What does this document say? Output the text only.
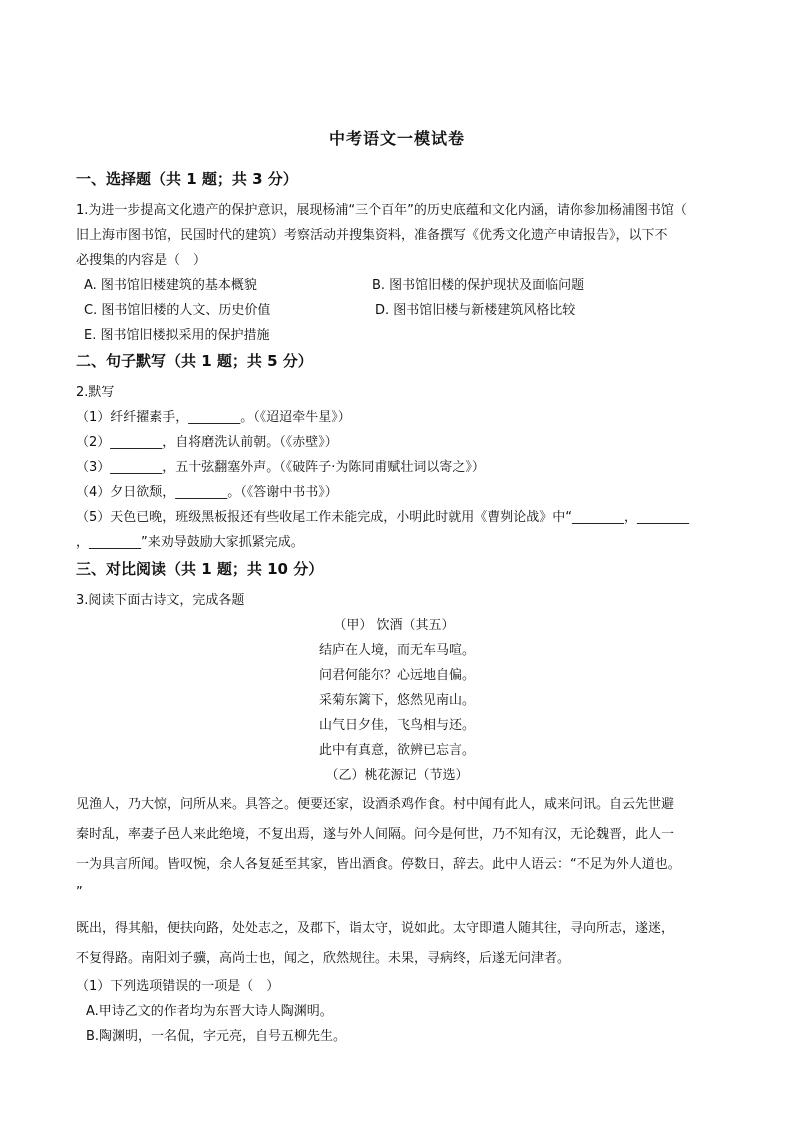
中考语文一模试卷
一、选择题（共 1 题；共 3 分）
1.为进一步提高文化遗产的保护意识，展现杨浦“三个百年”的历史底蕴和文化内涵，请你参加杨浦图书馆（
旧上海市图书馆，民国时代的建筑）考察活动并搜集资料，准备撰写《优秀文化遗产申请报告》，以下不
必搜集的内容是（　）
A. 图书馆旧楼建筑的基本概貌	B. 图书馆旧楼的保护现状及面临问题
C. 图书馆旧楼的人文、历史价值	D. 图书馆旧楼与新楼建筑风格比较
E. 图书馆旧楼拟采用的保护措施
二、句子默写（共 1 题；共 5 分）
2.默写
（1）纤纤擢素手，________。（《迢迢牵牛星》）
（2）________，自将磨洗认前朝。（《赤壁》）
（3）________，五十弦翻塞外声。（《破阵子·为陈同甫赋壮词以寄之》）
（4）夕日欲颓，________。（《答谢中书书》）
（5）天色已晚，班级黑板报还有些收尾工作未能完成，小明此时就用《曹刿论战》中“________，________
，________”来劝导鼓励大家抓紧完成。
三、对比阅读（共 1 题；共 10 分）
3.阅读下面古诗文，完成各题
（甲） 饮酒（其五）
结庐在人境，而无车马喧。
问君何能尔？心远地自偏。
采菊东篱下，悠然见南山。
山气日夕佳，飞鸟相与还。
此中有真意，欲辨已忘言。
（乙）桃花源记（节选）
见渔人，乃大惊，问所从来。具答之。便要还家，设酒杀鸡作食。村中闻有此人，咸来问讯。自云先世避
秦时乱，率妻子邑人来此绝境，不复出焉，遂与外人间隔。问今是何世，乃不知有汉，无论魏晋，此人一
一为具言所闻。皆叹惋，余人各复延至其家，皆出酒食。停数日，辞去。此中人语云：“不足为外人道也。
”
既出，得其船，便扶向路，处处志之，及郡下，诣太守，说如此。太守即遣人随其往，寻向所志，遂迷，
不复得路。南阳刘子骥，高尚士也，闻之，欣然规往。未果，寻病终，后遂无问津者。
（1）下列选项错误的一项是（　）
A.甲诗乙文的作者均为东晋大诗人陶渊明。
B.陶渊明，一名侃，字元亮，自号五柳先生。
